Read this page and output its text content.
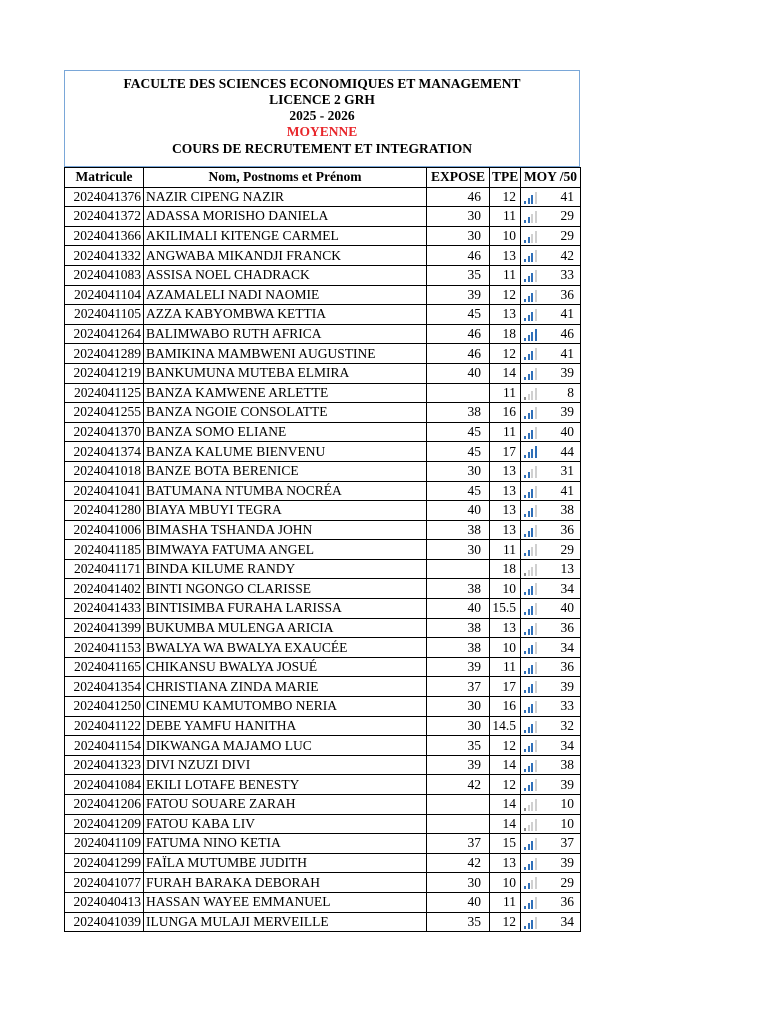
FACULTE DES SCIENCES ECONOMIQUES ET MANAGEMENT
LICENCE 2 GRH
2025 - 2026
MOYENNE
COURS DE RECRUTEMENT ET INTEGRATION
Matricule	Nom, Postnoms et Prénom	EXPOSE	TPE	MOY /50
2024041376	NAZIR CIPENG NAZIR	46	12	41
2024041372	ADASSA MORISHO DANIELA	30	11	29
2024041366	AKILIMALI KITENGE CARMEL	30	10	29
2024041332	ANGWABA MIKANDJI FRANCK	46	13	42
2024041083	ASSISA NOEL CHADRACK	35	11	33
2024041104	AZAMALELI NADI NAOMIE	39	12	36
2024041105	AZZA KABYOMBWA KETTIA	45	13	41
2024041264	BALIMWABO RUTH AFRICA	46	18	46
2024041289	BAMIKINA MAMBWENI AUGUSTINE	46	12	41
2024041219	BANKUMUNA MUTEBA ELMIRA	40	14	39
2024041125	BANZA KAMWENE ARLETTE		11	8
2024041255	BANZA NGOIE CONSOLATTE	38	16	39
2024041370	BANZA SOMO ELIANE	45	11	40
2024041374	BANZA KALUME BIENVENU	45	17	44
2024041018	BANZE BOTA BERENICE	30	13	31
2024041041	BATUMANA NTUMBA NOCRÉA	45	13	41
2024041280	BIAYA MBUYI TEGRA	40	13	38
2024041006	BIMASHA TSHANDA JOHN	38	13	36
2024041185	BIMWAYA FATUMA ANGEL	30	11	29
2024041171	BINDA KILUME RANDY		18	13
2024041402	BINTI NGONGO CLARISSE	38	10	34
2024041433	BINTISIMBA FURAHA LARISSA	40	15.5	40
2024041399	BUKUMBA MULENGA ARICIA	38	13	36
2024041153	BWALYA WA BWALYA EXAUCÉE	38	10	34
2024041165	CHIKANSU BWALYA JOSUÉ	39	11	36
2024041354	CHRISTIANA ZINDA MARIE	37	17	39
2024041250	CINEMU KAMUTOMBO NERIA	30	16	33
2024041122	DEBE YAMFU HANITHA	30	14.5	32
2024041154	DIKWANGA MAJAMO LUC	35	12	34
2024041323	DIVI NZUZI DIVI	39	14	38
2024041084	EKILI LOTAFE BENESTY	42	12	39
2024041206	FATOU SOUARE ZARAH		14	10
2024041209	FATOU KABA LIV		14	10
2024041109	FATUMA NINO KETIA	37	15	37
2024041299	FAÏLA MUTUMBE JUDITH	42	13	39
2024041077	FURAH BARAKA DEBORAH	30	10	29
2024040413	HASSAN WAYEE EMMANUEL	40	11	36
2024041039	ILUNGA MULAJI MERVEILLE	35	12	34
